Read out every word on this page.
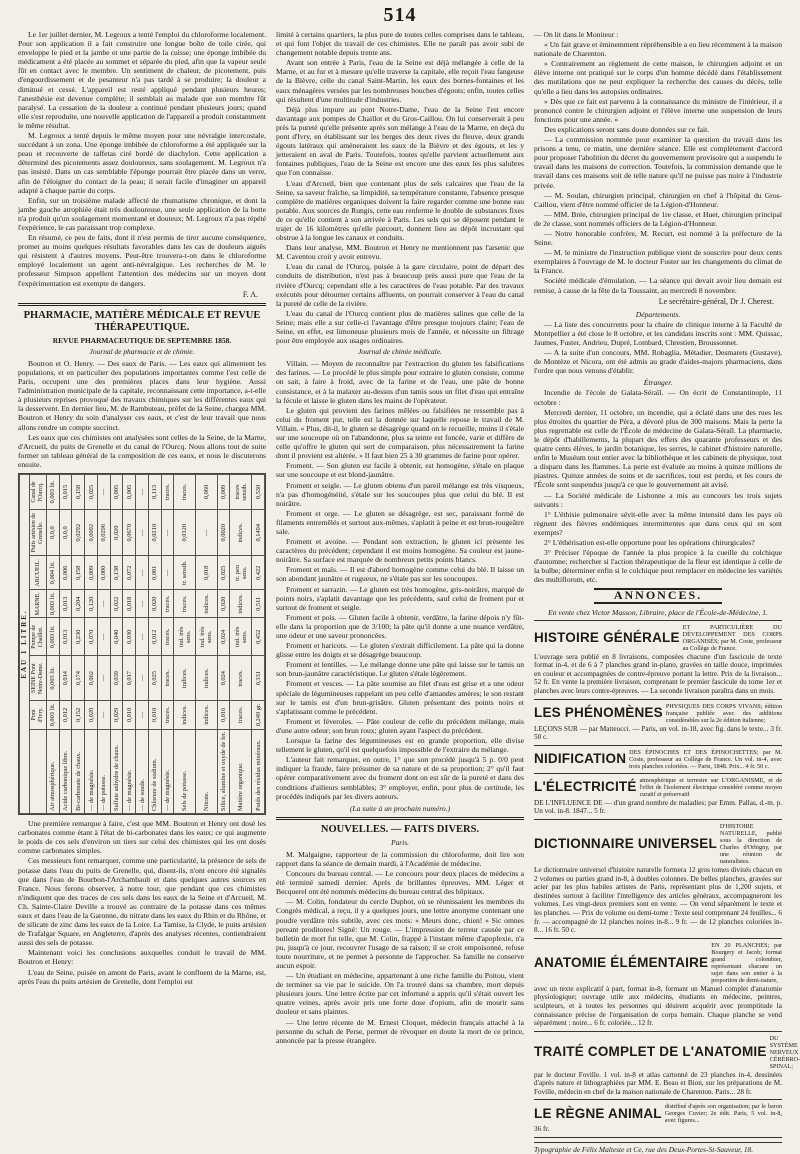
514

Le 1er juillet dernier, M. Legroux a tenté l'emploi du chloroforme localement. Pour son application il a fait construire une longue boîte de toile cirée, qui enveloppe le pied et la jambe et une partie de la cuisse; une éponge imbibée du médicament a été placée au sommet et séparée du pied, afin que la vapeur seule fût en contact avec le membre. Un sentiment de chaleur, de picotement, puis d'engourdissement et de pesanteur n'a pas tardé à se produire; la douleur a diminué et cessé. L'appareil est resté appliqué pendant plusieurs heures; l'anesthésie est devenue complète; il semblait au malade que son membre fût paralysé. La cessation de la douleur a continué pendant plusieurs jours; quand elle s'est reproduite, une nouvelle application de l'appareil a produit constamment le même résultat.

M. Legroux a tenté depuis le même moyen pour une névralgie intercostale, succédant à un zona. Une éponge imbibée de chloroforme a été appliquée sur la peau et recouverte de taffetas ciré bordé de diachylon. Cette application a déterminé des picotements assez douloureux, sans soulagement. M. Legroux n'a pas insisté. Dans un cas semblable l'éponge pourrait être placée dans un verre, afin de l'éloigner du contact de la peau; il serait facile d'imaginer un appareil adapté à chaque partie du corps.

Enfin, sur un troisième malade affecté de rhumatisme chronique, et dont la jambe gauche atrophiée était très douloureuse, une seule application de la botte n'a produit qu'un soulagement momentané et douteux; M. Legroux n'a pas répété l'expérience, le cas paraissant trop complexe.

En résumé, ce peu de faits, dont il n'est permis de tirer aucune conséquence, promet au moins quelques résultats favorables dans les cas de douleurs aiguës qui résistent à d'autres moyens. Peut-être trouvera-t-on dans le chloroforme employé localement un agent anti-névralgique. Les recherches de M. le professeur Simpson appellent l'attention des médecins sur un moyen dont l'expérimentation est exempte de dangers.

F. A.
PHARMACIE, MATIÈRE MÉDICALE ET REVUE THÉRAPEUTIQUE.
REVUE PHARMACEUTIQUE DE SEPTEMBRE 1858.
Journal de pharmacie et de chimie.

Boutron et O. Henry. — Des eaux de Paris. — Les eaux qui alimentent les populations, et en particulier des populations importantes comme l'est celle de Paris, occupent une des premières places dans leur hygiène. Aussi l'administration municipale de la capitale, reconnaissant cette importance, a-t-elle à plusieurs reprises provoqué des travaux chimiques sur les différentes eaux qui la desservent. En dernier lieu, M. de Rambuteau, préfet de la Seine, chargea MM. Boutron et Henry du soin d'analyser ces eaux, et c'est de leur travail que nous allons rendre un compte succinct.

Les eaux que ces chimistes ont analysées sont celles de la Seine, de la Marne, d'Arcueil, du puits de Grenelle et du canal de l'Ourcq. Nous allons tout de suite former un tableau général de la composition de ces eaux, et nous le discuterons ensuite.

EAU 1 LITRE.							
	Pont d'Ivry.	SEINE Pont Notre-Dame.	Pompe de Chaillot.	MARNE.	ARCUEIL.	Puits artésien de Grenelle.	Canal de l'Ourcq.
Air atmosphérique.	0,003 lit.	0,003 lit.	0,003 lit.	0,003 lit.	0,004 lit.	0,0,0	0,003 lit.
Acide carbonique libre.	0,012	0,014	0,013	0,013	0,006	0,0,0	0,015
Bi-carbonate de chaux.	0,152	0,174	0,230	0,204	0,158	0,0292	0,158
— de magnésie.	0,020	0,062	0,070	0,120	0,009	0,0092	0,025
— de potasse.	—	—	—	—	0,080	0,0296	—
Sulfate anhydre de chaux.	0,029	0,039	0,040	0,022	0,138	0,020	0,005
— de magnésie.	0,010	0,017	0,030	0,018	0,072	0,0670	0,005
— de soude.	—	—	—	—	—	—	—
Chlorure de sodium.	0,010	0,025	0,012	0,020	0,081	0,0210	0,113
— de magnésie.	traces.	traces.	traces.	traces.	—	—	traces.
Sels de potasse.	indices.	indices.	ind. très sens.	traces.	tr. sensib.	0,0120	traces.
Nitrate.	indices.	indices.	ind. très sens.	indices.	0,018	—	0,060
Silice, alumine et oxyde de fer.	0,016	0,024	0,024	0,020	0,025	0,0020	0,009
Matière organique.	traces.	traces.	ind. très sens.	indices.	tr. peu sens.	indices.	traces sensib.
Poids des résidus minéraux.	0,249 gr.	0,331	0,452	0,511	0,422	0,1494	0,530

Une première remarque à faire, c'est que MM. Boutron et Henry ont dosé les carbonates comme étant à l'état de bi-carbonates dans les eaux; ce qui augmente le poids de ces sels d'environ un tiers sur celui des chimistes qui les ont dosés comme carbonates simples.

Ces messieurs font remarquer, comme une particularité, la présence de sels de potasse dans l'eau du puits de Grenelle, qui, disent-ils, n'ont encore été signalés que dans l'eau de Bourbon-l'Archambault et dans quelques autres sources en France. Nous ferons observer, à notre tour, que pendant que ces chimistes n'indiquent que des traces de ces sels dans les eaux de la Seine et d'Arcueil, M. Ch. Sainte-Claire Deville a trouvé au contraire de la potasse dans ces mêmes eaux et dans l'eau de la Garonne, du nitrate dans les eaux du Rhin et du Rhône, et de silicate de zinc dans les eaux de la Loire. La Tamise, la Clyde, le puits artésien de Trafalgar Square, en Angleterre, d'après des analyses récentes, contiendraient aussi des sels de potasse.

Maintenant voici les conclusions auxquelles conduit le travail de MM. Boutron et Henry:

L'eau de Seine, puisée en amont de Paris, avant le confluent de la Marne, est, après l'eau du puits artésien de Grenelle, dont l'emploi est

limité à certains quartiers, la plus pure de toutes celles comprises dans le tableau, et qui font l'objet du travail de ces chimistes. Elle ne paraît pas avoir subi de changement notable depuis trente ans.

Avant son entrée à Paris, l'eau de la Seine est déjà mélangée à celle de la Marne, et au fur et à mesure qu'elle traverse la capitale, elle reçoit l'eau fangeuse de la Bièvre, celle du canal Saint-Martin, les eaux des bornes-fontaines et les eaux ménagères versées par les nombreuses bouches d'égouts; enfin, toutes celles qui résultent d'une multitude d'industries.

Déjà plus impure au pont Notre-Dame, l'eau de la Seine l'est encore davantage aux pompes de Chaillot et du Gros-Caillou. On lui conserverait à peu près la pureté qu'elle présente après son mélange à l'eau de la Marne, en deçà du pont d'Ivry, en établissant sur les berges des deux rives du fleuve, deux grands égouts latéraux qui amèneraient les eaux de la Bièvre et des égouts, et les y jetteraient en aval de Paris. Toutefois, toutes qu'elle parvient actuellement aux fontaines publiques, l'eau de la Seine est encore une des eaux les plus salubres que l'on connaisse.

L'eau d'Arcueil, bien que contenant plus de sels calcaires que l'eau de la Seine, sa saveur fraîche, sa limpidité, sa température constante, l'absence presque complète de matières organiques doivent la faire regarder comme une bonne eau potable. Aux sources de Rungis, cette eau renferme le double de substances fixes de ce qu'elle contient à son arrivée à Paris. Les sels qui se déposent pendant le trajet de 16 kilomètres qu'elle parcourt, donnent lieu au dépôt incrustant qui obstrue à la longue les canaux et conduits.

Dans leur analyse, MM. Boutron et Henry ne mentionnent pas l'arsenic que M. Caventou croit y avoir entrevu.

L'eau du canal de l'Ourcq, puisée à la gare circulaire, point de départ des conduits de distribution, n'est pas à beaucoup près aussi pure que l'eau de la rivière d'Ourcq; cependant elle a les caractères de l'eau potable. Par des travaux exécutés pour détourner certains affluents, on pourrait conserver à l'eau du canal la pureté de celle de la rivière.

L'eau du canal de l'Ourcq contient plus de matières salines que celle de la Seine; mais elle a sur celle-ci l'avantage d'être presque toujours claire; l'eau de Seine, en effet, est limoneuse plusieurs mois de l'année, et nécessite un filtrage pour être employée aux usages ordinaires.

Journal de chimie médicale.

Villain. — Moyen de reconnaître par l'extraction du gluten les falsifications des farines. — Le procédé le plus simple pour extraire le gluten consiste, comme on sait, à faire à froid, avec de la farine et de l'eau, une pâte de bonne consistance, et à la malaxer au-dessus d'un tamis sous un filet d'eau qui entraîne la fécule et laisse le gluten dans les mains de l'opérateur.

Le gluten qui provient des farines mêlées ou falsifiées ne ressemble pas à celui du froment pur, telle est la donnée sur laquelle repose le travail de M. Villain. « Plus, dit-il, le gluten se désagrège quand on le recueille, moins il s'étale sur une soucoupe où on l'abandonne, plus sa teinte est foncée, varie et diffère de celle qu'offre le gluten qui sert de comparaison, plus nécessairement la farine dont il provient est altérée. » Il faut bien 25 à 30 grammes de farine pour opérer.

Froment. — Son gluten est facile à obtenir, est homogène, s'étale en plaque sur une soucoupe et est blond-jaunâtre.

Froment et seigle. — Le gluten obtenu d'un pareil mélange est très visqueux, n'a pas d'homogénéité, s'étale sur les soucoupes plus que celui du blé. Il est noirâtre.

Froment et orge. — Le gluten se désagrège, est sec, paraissant formé de filaments entremêlés et surtout aux-mêmes, s'aplatit à peine et est brun-rougeâtre sale.

Froment et avoine. — Pendant son extraction, le gluten ici présente les caractères du précédent; cependant il est moins homogène. Sa couleur est jaune-noirâtre. Sa surface est marquée de nombreux petits points blancs.

Froment et maïs. — Il est d'abord homogène comme celui du blé. Il laisse un son abondant jaunâtre et rugueux, ne s'étale pas sur les soucoupes.

Froment et sarrazin. — Le gluten est très homogène, gris-noirâtre, marqué de points noirs, s'aplatit davantage que les précédents, sauf celui de froment pur et surtout de froment et seigle.

Froment et pois. — Gluten facile à obtenir, verdâtre, la farine dépois n'y fût-elle dans la proportion que de 3/100; la pâte qu'il donne a une nuance verdâtre, une odeur et une saveur prononcées.

Froment et haricots. — Le gluten s'extrait difficilement. La pâte qui la donne glisse entre les doigts et se désagrège beaucoup.

Froment et lentilles. — Le mélange donne une pâte qui laisse sur le tamis un son brun-jaunâtre caractéristique. Le gluten s'étale légèrement.

Froment et vesces. — La pâte soumise au filet d'eau est grise et a une odeur spéciale de légumineuses rappelant un peu celle d'amandes amères; le son restant sur le tamis est d'un brun-grisâtre. Gluten présentant des points noirs et s'aplatissant comme le précédent.

Froment et féveroles. — Pâte couleur de celle du précédent mélange, mais d'une autre odeur; son brun roux; gluten ayant l'aspect du précédent.

Lorsque la farine des légumineuses est en grande proportion, elle divise tellement le gluten, qu'il est quelquefois impossible de l'extraire du mélange.

L'auteur fait remarquer, en outre, 1° que son procédé jusqu'à 5 p. 0/0 peut indiquer la fraude, faire présumer de sa nature et de sa proportion; 2° qu'il faut opérer comparativement avec du froment dont on est sûr de la pureté et dans des conditions d'ailleurs semblables; 3° employer, enfin, pour plus de certitude, les procédés indiqués par les divers auteurs.

(La suite à un prochain numéro.)
NOUVELLES. — FAITS DIVERS.
Paris.

M. Malgaigne, rapporteur de la commission du chloroforme, doit lire son rapport dans la séance de demain mardi, à l'Académie de médecine.

Concours du bureau central. — Le concours pour deux places de médecins a été terminé samedi dernier. Après de brillantes épreuves, MM. Léger et Becquerel ont été nommés médecins du bureau central des hôpitaux.

— M. Colin, fondateur du cercle Duphot, où se réunissaient les membres du Congrès médical, a reçu, il y a quelques jours, une lettre anonyme contenant une poudre verdâtre très subtile, avec ces mots: « Meurs donc, chien! » Sic omnes pereant proditores! Signé: Un rouge. — L'impression de terreur causée par ce bulletin de mort fut telle, que M. Colin, frappé à l'instant même d'apoplexie, n'a pu, jusqu'à ce jour, recouvrer l'usage de sa raison; il se croit empoisonné, refuse toute nourriture, et ne permet à personne de l'approcher. Sa famille ne conserve aucun espoir.

— Un étudiant en médecine, appartenant à une riche famille du Poitou, vient de terminer sa vie par le suicide. On l'a trouvé dans sa chambre, mort depuis plusieurs jours. Une lettre écrite par cet infortuné a appris qu'il s'était ouvert les quatre veines, après avoir pris une forte dose d'opium, afin de mourir sans douleur et sans plaintes.

— Une lettre récente de M. Ernest Cloquet, médecin français attaché à la personne du schah de Perse, permet de révoquer en doute la mort de ce prince, annoncée par la presse étrangère.

— On lit dans le Moniteur :

« Un fait grave et éminemment répréhensible a eu lieu récemment à la maison nationale de Charenton.

» Contrairement au règlement de cette maison, le chirurgien adjoint et un élève interne ont pratiqué sur le corps d'un homme décédé dans l'établissement des mutilations que ne peut expliquer la recherche des causes du décès, telle qu'elle a lieu dans les autopsies ordinaires.

» Dès que ce fait est parvenu à la connaissance du ministre de l'intérieur, il a prononcé contre le chirurgien adjoint et l'élève interne une suspension de leurs fonctions pour une année. »

Des explications seront sans doute données sur ce fait.

— La commission nommée pour examiner la question du travail dans les prisons a tenu, ce matin, une dernière séance. Elle est complètement d'accord pour proposer l'abolition du décret du gouvernement provisoire qui a suspendu le travail dans les maisons de correction. Toutefois, la commission demande que le travail dans ces maisons soit de telle nature qu'il ne puisse pas nuire à l'industrie privée.

— M. Soulan, chirurgien principal, chirurgien en chef à l'hôpital du Gros-Caillou, vient d'être nommé officier de la Légion-d'Honneur.

— MM. Brée, chirurgien principal de 1re classe, et Huet, chirurgien principal de 2e classe, sont nommés officiers de la Légion-d'Honneur.

— Notre honorable confrère, M. Recurt, est nommé à la préfecture de la Seine.

— M. le ministre de l'instruction publique vient de souscrire pour deux cents exemplaires à l'ouvrage de M. le docteur Fuster sur les changements du climat de la France.

Société médicale d'émulation. — La séance qui devait avoir lieu demain est remise, à cause de la fête de la Toussaint, au mercredi 8 novembre.

Le secrétaire-général, Dr J. Cherest.
Départements.

— La liste des concurrents pour la chaire de clinique interne à la Faculté de Montpellier a été close le 8 octobre, et les candidats inscrits sont : MM. Quissac, Jaumes, Fuster, Andrieu, Dupré, Lombard, Chrestien, Broussonnet.

— A la suite d'un concours, MM. Robaglia, Métadier, Desmarets (Gustave), de Montèze et Nicora, ont été admis au grade d'aides-majors pharmaciens, dans l'ordre que nous venons d'établir.

Étranger.

Incendie de l'école de Galata-Séraïl. — On écrit de Constantinople, 11 octobre :

Mercredi dernier, 11 octobre, un incendie, qui a éclaté dans une des rues les plus étroites du quartier de Péra, a dévoré plus de 300 maisons. Mais la perte la plus regrettable est celle de l'École de médecine de Galata-Séraïl. La pharmacie, le dépôt d'habillements, la plupart des effets des quarante professeurs et des quatre cents élèves, le jardin botanique, les serres, le cabinet d'histoire naturelle, enfin le Muséum tout entier avec la bibliothèque et les cabinets de physique, tout a disparu dans les flammes. La perte est évaluée au moins à quinze millions de piastres. Quinze années de soins et de sacrifices, tout est perdu, et les cours de l'École sont suspendus jusqu'à ce que le gouvernement ait avisé.

— La Société médicale de Lisbonne a mis au concours les trois sujets suivants :

1° L'éthisie pulmonaire sévit-elle avec la même intensité dans les pays où règnent des fièvres endémiques intermittentes que dans ceux qui en sont exempts?

2° L'éthérisation est-elle opportune pour les opérations chirurgicales?

3° Préciser l'époque de l'année la plus propice à la cueille du colchique d'automne; rechercher si l'action thérapeutique de la fleur est identique à celle de la bulbe; déterminer enfin si le colchique peut remplacer en médecine les variétés des multiflorum, etc.

ANNONCES.
En vente chez Victor Masson, Libraire, place de l'École-de-Médecine, 1.
HISTOIRE GÉNÉRALE
ET PARTICULIÈRE DU DÉVELOPPEMENT DES CORPS ORGANISÉS; par M. Coste, professeur au Collège de France.
L'ouvrage sera publié en 8 livraisons, composées chacune d'un fascicule de texte format in-4, et de 6 à 7 planches grand in-plano, gravées en taille douce, imprimées en couleur et accompagnées de contre-épreuve portant la lettre. Prix de la livraison... 52 fr. En vente la première livraison, comprenant le premier fascicule du tome 1er et planches avec leurs contre-épreuves. — La seconde livraison paraîtra dans un mois.
LES PHÉNOMÈNES PHYSIQUES DES CORPS VIVANS; édition française publiée avec des additions considérables sur la 2e édition italienne;
LEÇONS SUR — par Matteucci. — Paris, un vol. in-18, avec fig. dans le texte... 3 fr. 50 c.
NIDIFICATION DES ÉPINOCHES ET DES ÉPINOCHETTES; par M. Coste, professeur au Collège de France. Un vol. in-4, avec trois planches coloriées. — Paris, 1848. Prix... 4 fr. 50 c.
L'ÉLECTRICITÉ atmosphérique et terrestre sur L'ORGANISME, et de l'effet de l'isolement électrique considéré comme moyen curatif et préservatif
DE L'INFLUENCE DE — d'un grand nombre de maladies; par Emm. Pallas, d.-m. p. Un vol. in-8. 1847... 5 fr.
DICTIONNAIRE UNIVERSEL
D'HISTOIRE NATURELLE, publié sous la direction de Charles d'Orbigny, par une réunion de naturalistes.
Le dictionnaire universel d'histoire naturelle formera 12 gros tomes divisés chacun en 2 volumes ou parties grand in-8, à doubles colonnes. De belles planches, gravées sur acier par les plus habiles artistes de Paris, représentant plus de 1,200 sujets, et destinées surtout à faciliter l'intelligence des articles généraux, accompagneront les volumes. Les vingt-deux premiers sont en vente. — On vend séparément le texte et les planches. — Prix du volume ou demi-tome : Texte seul comprenant 24 feuilles... 6 fr. — accompagné de 12 planches noires in-8... 9 fr. — de 12 planches coloriées in-8... 16 fr. 50 c.
ANATOMIE ÉLÉMENTAIRE
EN 20 PLANCHES; par Bourgery et Jacob; format grand colombier, représentant chacune un sujet dans son entier à la proportion de demi-nature,
avec un texte explicatif à part, format in-8, formant un Manuel complet d'anatomie physiologique; ouvrage utile aux médecins, étudiants en médecine, peintres, sculpteurs, et à toutes les personnes qui désirent acquérir avec promptitude la connaissance précise de l'organisation de corps humain. Chaque planche se vend séparément : noire... 6 fr. coloriée... 12 fr.
TRAITÉ COMPLET DE L'ANATOMIE
DU SYSTÈME NERVEUX CÉRÉBRO-SPINAL;
par le docteur Foville. 1 vol. in-8 et atlas cartonné de 23 planches in-4, dessinées d'après nature et lithographiées par MM. E. Beau et Bion, sur les préparations de M. Foville, médecin en chef de la maison nationale de Charenton. Paris... 28 fr.
LE RÈGNE ANIMAL distribué d'après son organisation; par le baron Georges Cuvier; 2e édit. Paris, 5 vol. in-8, avec figures...
36 fr.
Typographie de Félix Malteste et Ce, rue des Deux-Portes-St-Sauveur, 18.
